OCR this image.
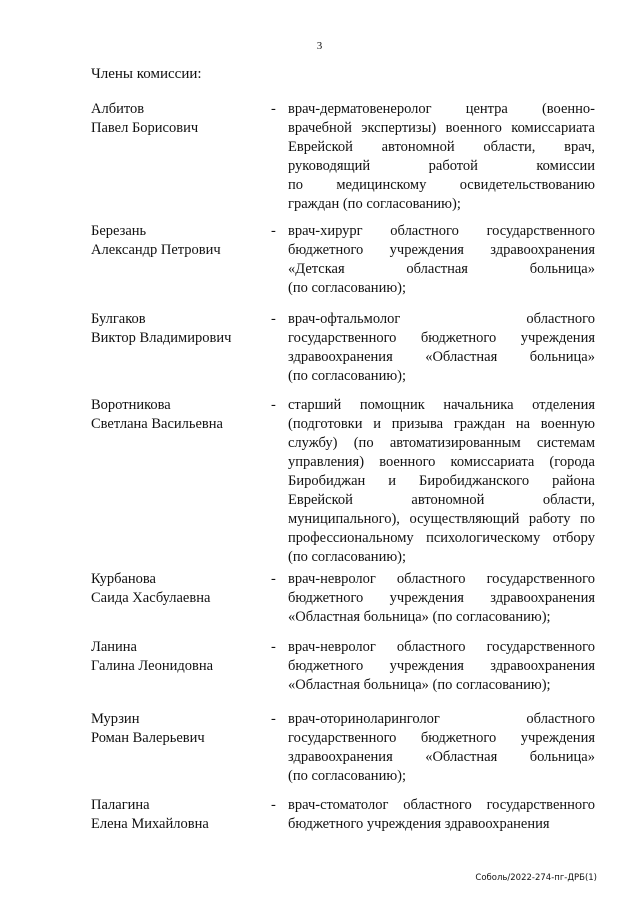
3
Члены комиссии:
Албитов
Павел Борисович
- врач-дерматовенеролог центра (военно-
врачебной экспертизы) военного комиссариата
Еврейской автономной области, врач,
руководящий работой комиссии
по медицинскому освидетельствованию
граждан (по согласованию);
Березань
Александр Петрович
- врач-хирург областного государственного
бюджетного учреждения здравоохранения
«Детская областная больница»
(по согласованию);
Булгаков
Виктор Владимирович
- врач-офтальмолог областного
государственного бюджетного учреждения
здравоохранения «Областная больница»
(по согласованию);
Воротникова
Светлана Васильевна
- старший помощник начальника отделения
(подготовки и призыва граждан на военную
службу) (по автоматизированным системам
управления) военного комиссариата (города
Биробиджан и Биробиджанского района
Еврейской автономной области,
муниципального), осуществляющий работу по
профессиональному психологическому отбору
(по согласованию);
Курбанова
Саида Хасбулаевна
- врач-невролог областного государственного
бюджетного учреждения здравоохранения
«Областная больница» (по согласованию);
Ланина
Галина Леонидовна
- врач-невролог областного государственного
бюджетного учреждения здравоохранения
«Областная больница» (по согласованию);
Мурзин
Роман Валерьевич
- врач-оториноларинголог областного
государственного бюджетного учреждения
здравоохранения «Областная больница»
(по согласованию);
Палагина
Елена Михайловна
- врач-стоматолог областного государственного
бюджетного учреждения здравоохранения
Соболь/2022-274-пг-ДРБ(1)
